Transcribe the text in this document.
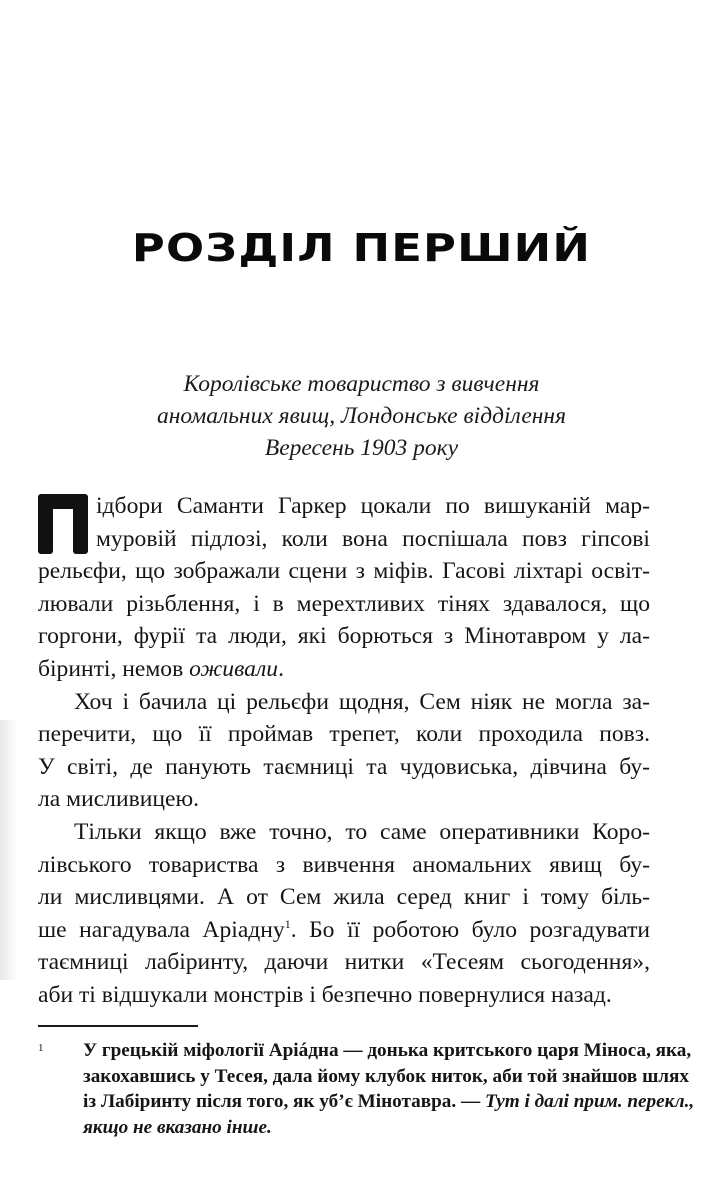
РОЗДІЛ ПЕРШИЙ
Королівське товариство з вивчення
аномальних явищ, Лондонське відділення
Вересень 1903 року
ідбори Саманти Гаркер цокали по вишуканій мар-
муровій підлозі, коли вона поспішала повз гіпсові
рельєфи, що зображали сцени з міфів. Гасові ліхтарі освіт-
лювали різьблення, і в мерехтливих тінях здавалося, що
горгони, фурії та люди, які борються з Мінотавром у ла-
біринті, немов оживали.
Хоч і бачила ці рельєфи щодня, Сем ніяк не могла за-
перечити, що її проймав трепет, коли проходила повз.
У світі, де панують таємниці та чудовиська, дівчина бу-
ла мисливицею.
Тільки якщо вже точно, то саме оперативники Коро-
лівського товариства з вивчення аномальних явищ бу-
ли мисливцями. А от Сем жила серед книг і тому біль-
ше нагадувала Аріадну$^1$. Бо її роботою було розгадувати
таємниці лабіринту, даючи нитки «Тесеям сьогодення»,
аби ті відшукали монстрів і безпечно повернулися назад.
1 У грецькій міфології Аріáдна — донька критського царя Міноса, яка,
закохавшись у Тесея, дала йому клубок ниток, аби той знайшов шлях
із Лабіринту після того, як уб’є Мінотавра. — Тут і далі прим. перекл.,
якщо не вказано інше.
